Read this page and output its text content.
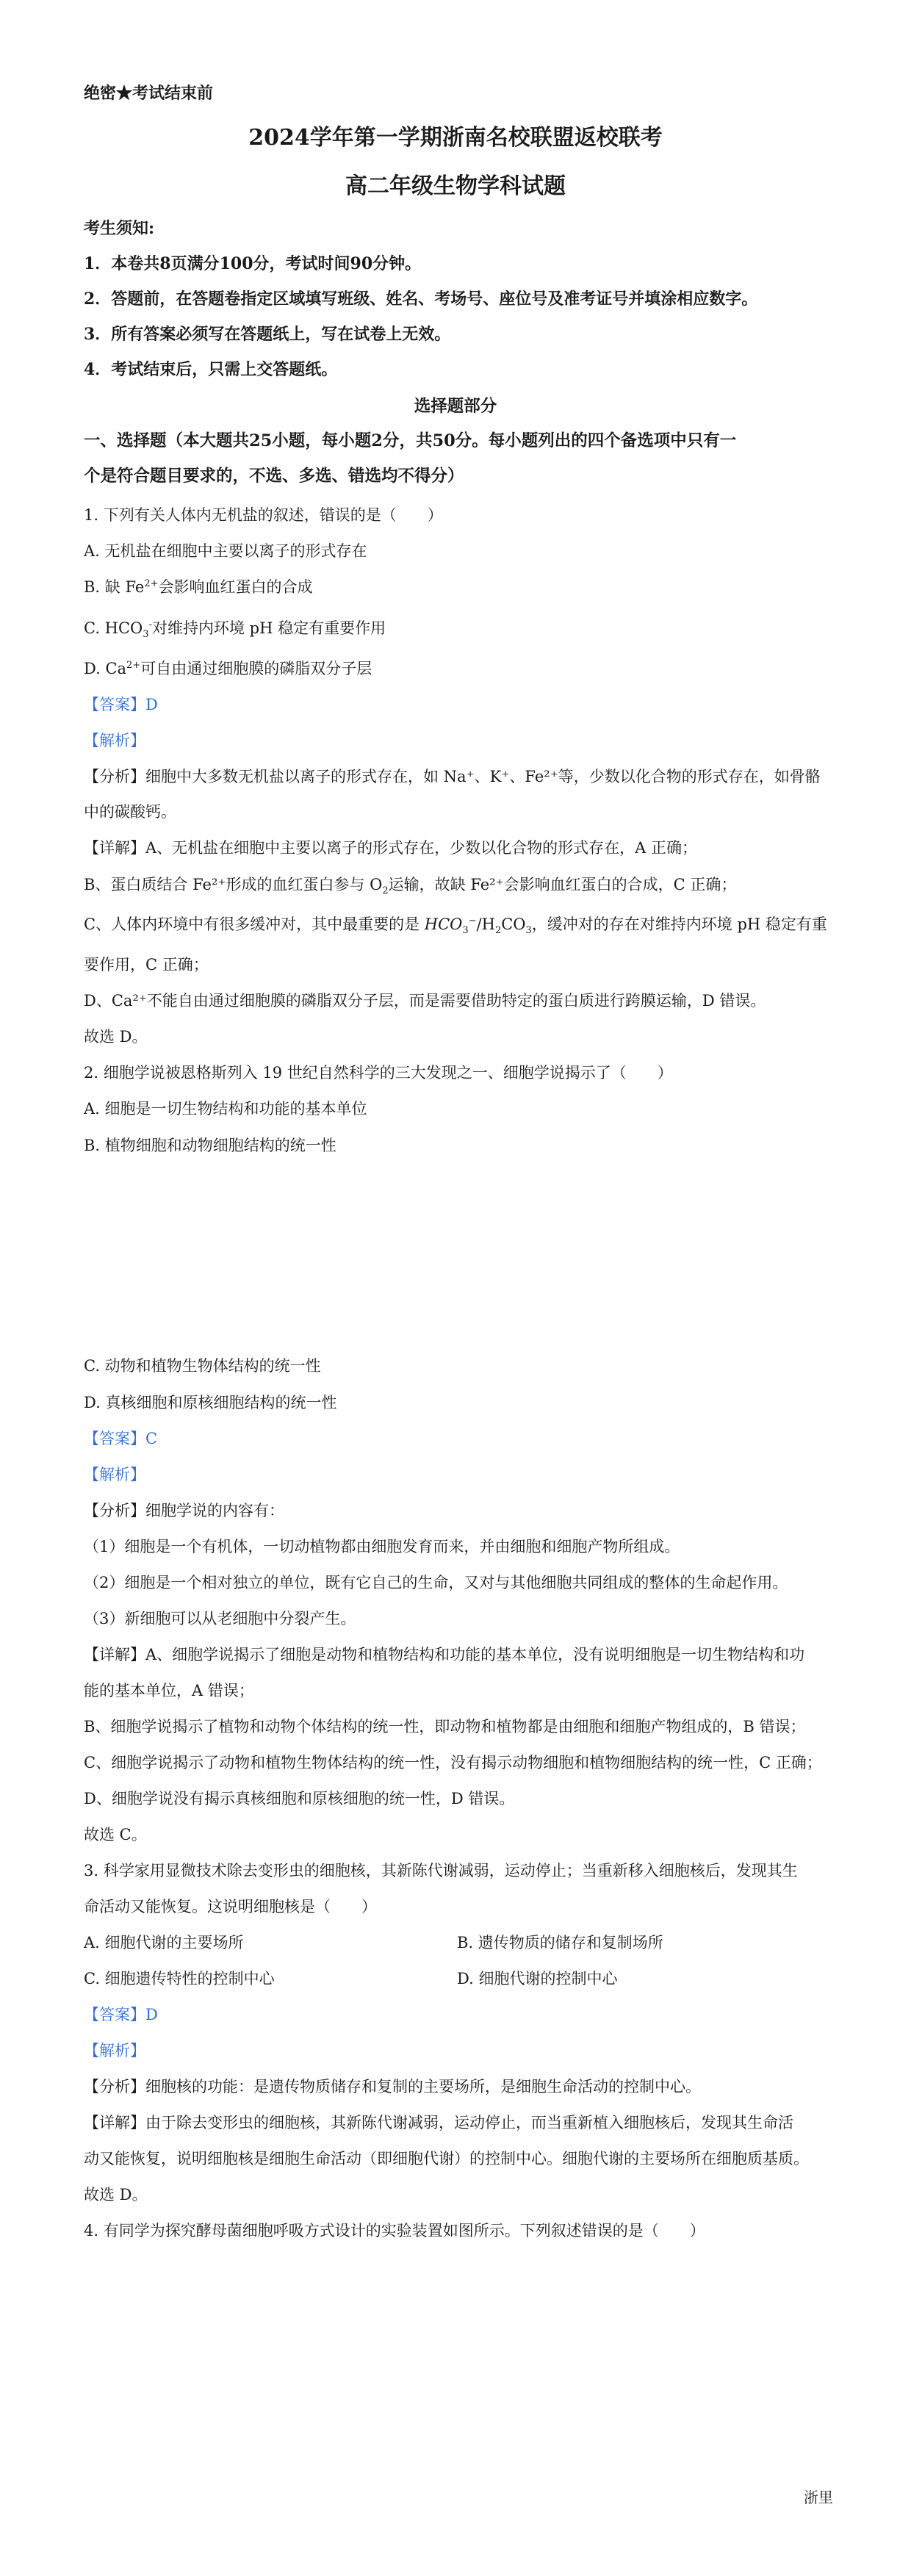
绝密★考试结束前
2024学年第一学期浙南名校联盟返校联考
高二年级生物学科试题
考生须知:
1．本卷共8页满分100分，考试时间90分钟。
2．答题前，在答题卷指定区域填写班级、姓名、考场号、座位号及准考证号并填涂相应数字。
3．所有答案必须写在答题纸上，写在试卷上无效。
4．考试结束后，只需上交答题纸。
选择题部分
一、选择题（本大题共25小题，每小题2分，共50分。每小题列出的四个备选项中只有一
个是符合题目要求的，不选、多选、错选均不得分）
1. 下列有关人体内无机盐的叙述，错误的是（　　）
A. 无机盐在细胞中主要以离子的形式存在
B. 缺 $Fe^{2+}$会影响血红蛋白的合成
C. $HCO_3^-$对维持内环境 pH 稳定有重要作用
D. $Ca^{2+}$可自由通过细胞膜的磷脂双分子层
【答案】D
【解析】
【分析】细胞中大多数无机盐以离子的形式存在，如 Na⁺、K⁺、Fe²⁺等，少数以化合物的形式存在，如骨骼
中的碳酸钙。
【详解】A、无机盐在细胞中主要以离子的形式存在，少数以化合物的形式存在，A 正确；
B、蛋白质结合 Fe²⁺形成的血红蛋白参与 $O_2$运输，故缺 Fe²⁺会影响血红蛋白的合成，C 正确；
C、人体内环境中有很多缓冲对，其中最重要的是 $HCO_3^-/H_2CO_3$，缓冲对的存在对维持内环境 pH 稳定有重
要作用，C 正确；
D、Ca²⁺不能自由通过细胞膜的磷脂双分子层，而是需要借助特定的蛋白质进行跨膜运输，D 错误。
故选 D。
2. 细胞学说被恩格斯列入 19 世纪自然科学的三大发现之一、细胞学说揭示了（　　）
A. 细胞是一切生物结构和功能的基本单位
B. 植物细胞和动物细胞结构的统一性
C. 动物和植物生物体结构的统一性
D. 真核细胞和原核细胞结构的统一性
【答案】C
【解析】
【分析】细胞学说的内容有：
（1）细胞是一个有机体，一切动植物都由细胞发育而来，并由细胞和细胞产物所组成。
（2）细胞是一个相对独立的单位，既有它自己的生命，又对与其他细胞共同组成的整体的生命起作用。
（3）新细胞可以从老细胞中分裂产生。
【详解】A、细胞学说揭示了细胞是动物和植物结构和功能的基本单位，没有说明细胞是一切生物结构和功
能的基本单位，A 错误；
B、细胞学说揭示了植物和动物个体结构的统一性，即动物和植物都是由细胞和细胞产物组成的，B 错误；
C、细胞学说揭示了动物和植物生物体结构的统一性，没有揭示动物细胞和植物细胞结构的统一性，C 正确；
D、细胞学说没有揭示真核细胞和原核细胞的统一性，D 错误。
故选 C。
3. 科学家用显微技术除去变形虫的细胞核，其新陈代谢减弱，运动停止；当重新移入细胞核后，发现其生
命活动又能恢复。这说明细胞核是（　　）
A. 细胞代谢的主要场所	B. 遗传物质的储存和复制场所
C. 细胞遗传特性的控制中心	D. 细胞代谢的控制中心
【答案】D
【解析】
【分析】细胞核的功能：是遗传物质储存和复制的主要场所，是细胞生命活动的控制中心。
【详解】由于除去变形虫的细胞核，其新陈代谢减弱，运动停止，而当重新植入细胞核后，发现其生命活
动又能恢复，说明细胞核是细胞生命活动（即细胞代谢）的控制中心。细胞代谢的主要场所在细胞质基质。
故选 D。
4. 有同学为探究酵母菌细胞呼吸方式设计的实验装置如图所示。下列叙述错误的是（　　）
浙里
